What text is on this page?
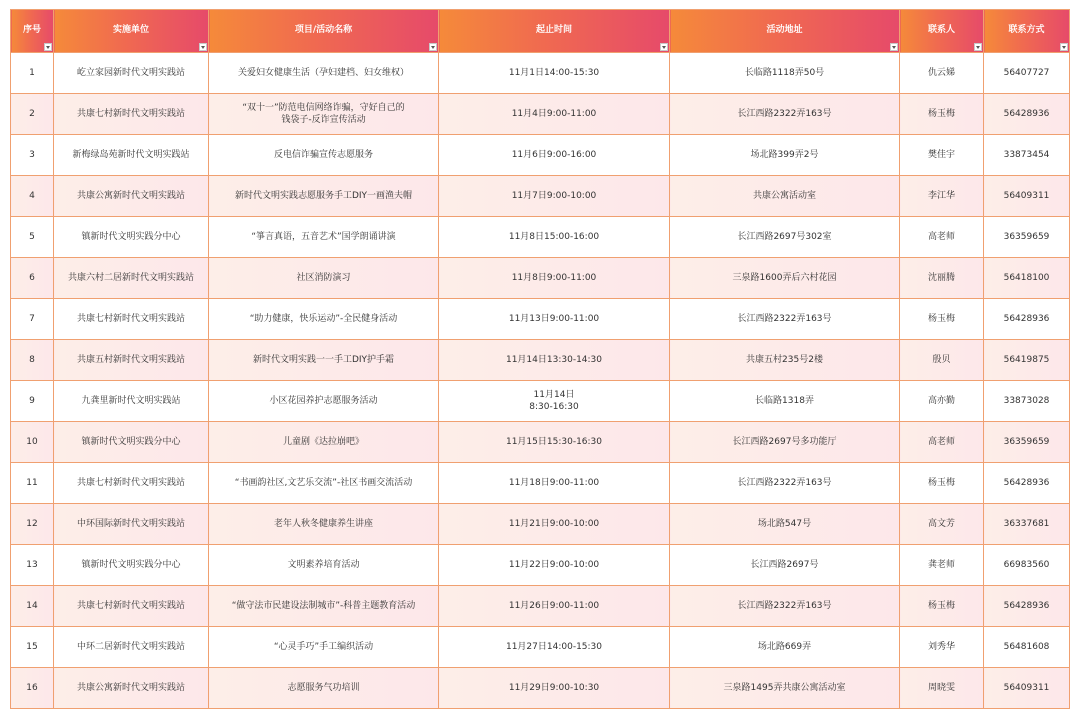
序号	实施单位	项目/活动名称	起止时间	活动地址	联系人	联系方式

1	屹立家园新时代文明实践站	关爱妇女健康生活（孕妇建档、妇女维权）	11月1日14:00-15:30	长临路1118弄50号	仇云娣	56407727
2	共康七村新时代文明实践站	“双十一”防范电信网络诈骗，守好自己的
钱袋子-反诈宣传活动	11月4日9:00-11:00	长江西路2322弄163号	杨玉梅	56428936
3	新梅绿岛苑新时代文明实践站	反电信诈骗宣传志愿服务	11月6日9:00-16:00	场北路399弄2号	樊佳宇	33873454
4	共康公寓新时代文明实践站	新时代文明实践志愿服务手工DIY一画渔夫帽	11月7日9:00-10:00	共康公寓活动室	李江华	56409311
5	镇新时代文明实践分中心	“箏言真语，五音艺术”国学朗诵讲演	11月8日15:00-16:00	长江西路2697号302室	高老师	36359659
6	共康六村二居新时代文明实践站	社区消防演习	11月8日9:00-11:00	三泉路1600弄后六村花园	沈丽腾	56418100
7	共康七村新时代文明实践站	“助力健康，快乐运动”-全民健身活动	11月13日9:00-11:00	长江西路2322弄163号	杨玉梅	56428936
8	共康五村新时代文明实践站	新时代文明实践一一手工DIY护手霜	11月14日13:30-14:30	共康五村235号2楼	殷贝	56419875
9	九龚里新时代文明实践站	小区花园养护志愿服务活动	11月14日
8:30-16:30	长临路1318弄	高亦勤	33873028
10	镇新时代文明实践分中心	儿童剧《达拉崩吧》	11月15日15:30-16:30	长江西路2697号多功能厅	高老师	36359659
11	共康七村新时代文明实践站	“书画韵社区,文艺乐交流”-社区书画交流活动	11月18日9:00-11:00	长江西路2322弄163号	杨玉梅	56428936
12	中环国际新时代文明实践站	老年人秋冬健康养生讲座	11月21日9:00-10:00	场北路547号	高文芳	36337681
13	镇新时代文明实践分中心	文明素养培育活动	11月22日9:00-10:00	长江西路2697号	龚老师	66983560
14	共康七村新时代文明实践站	“做守法市民建设法制城市”-科普主题教育活动	11月26日9:00-11:00	长江西路2322弄163号	杨玉梅	56428936
15	中环二居新时代文明实践站	“心灵手巧”手工编织活动	11月27日14:00-15:30	场北路669弄	刘秀华	56481608
16	共康公寓新时代文明实践站	志愿服务气功培训	11月29日9:00-10:30	三泉路1495弄共康公寓活动室	周晓雯	56409311
